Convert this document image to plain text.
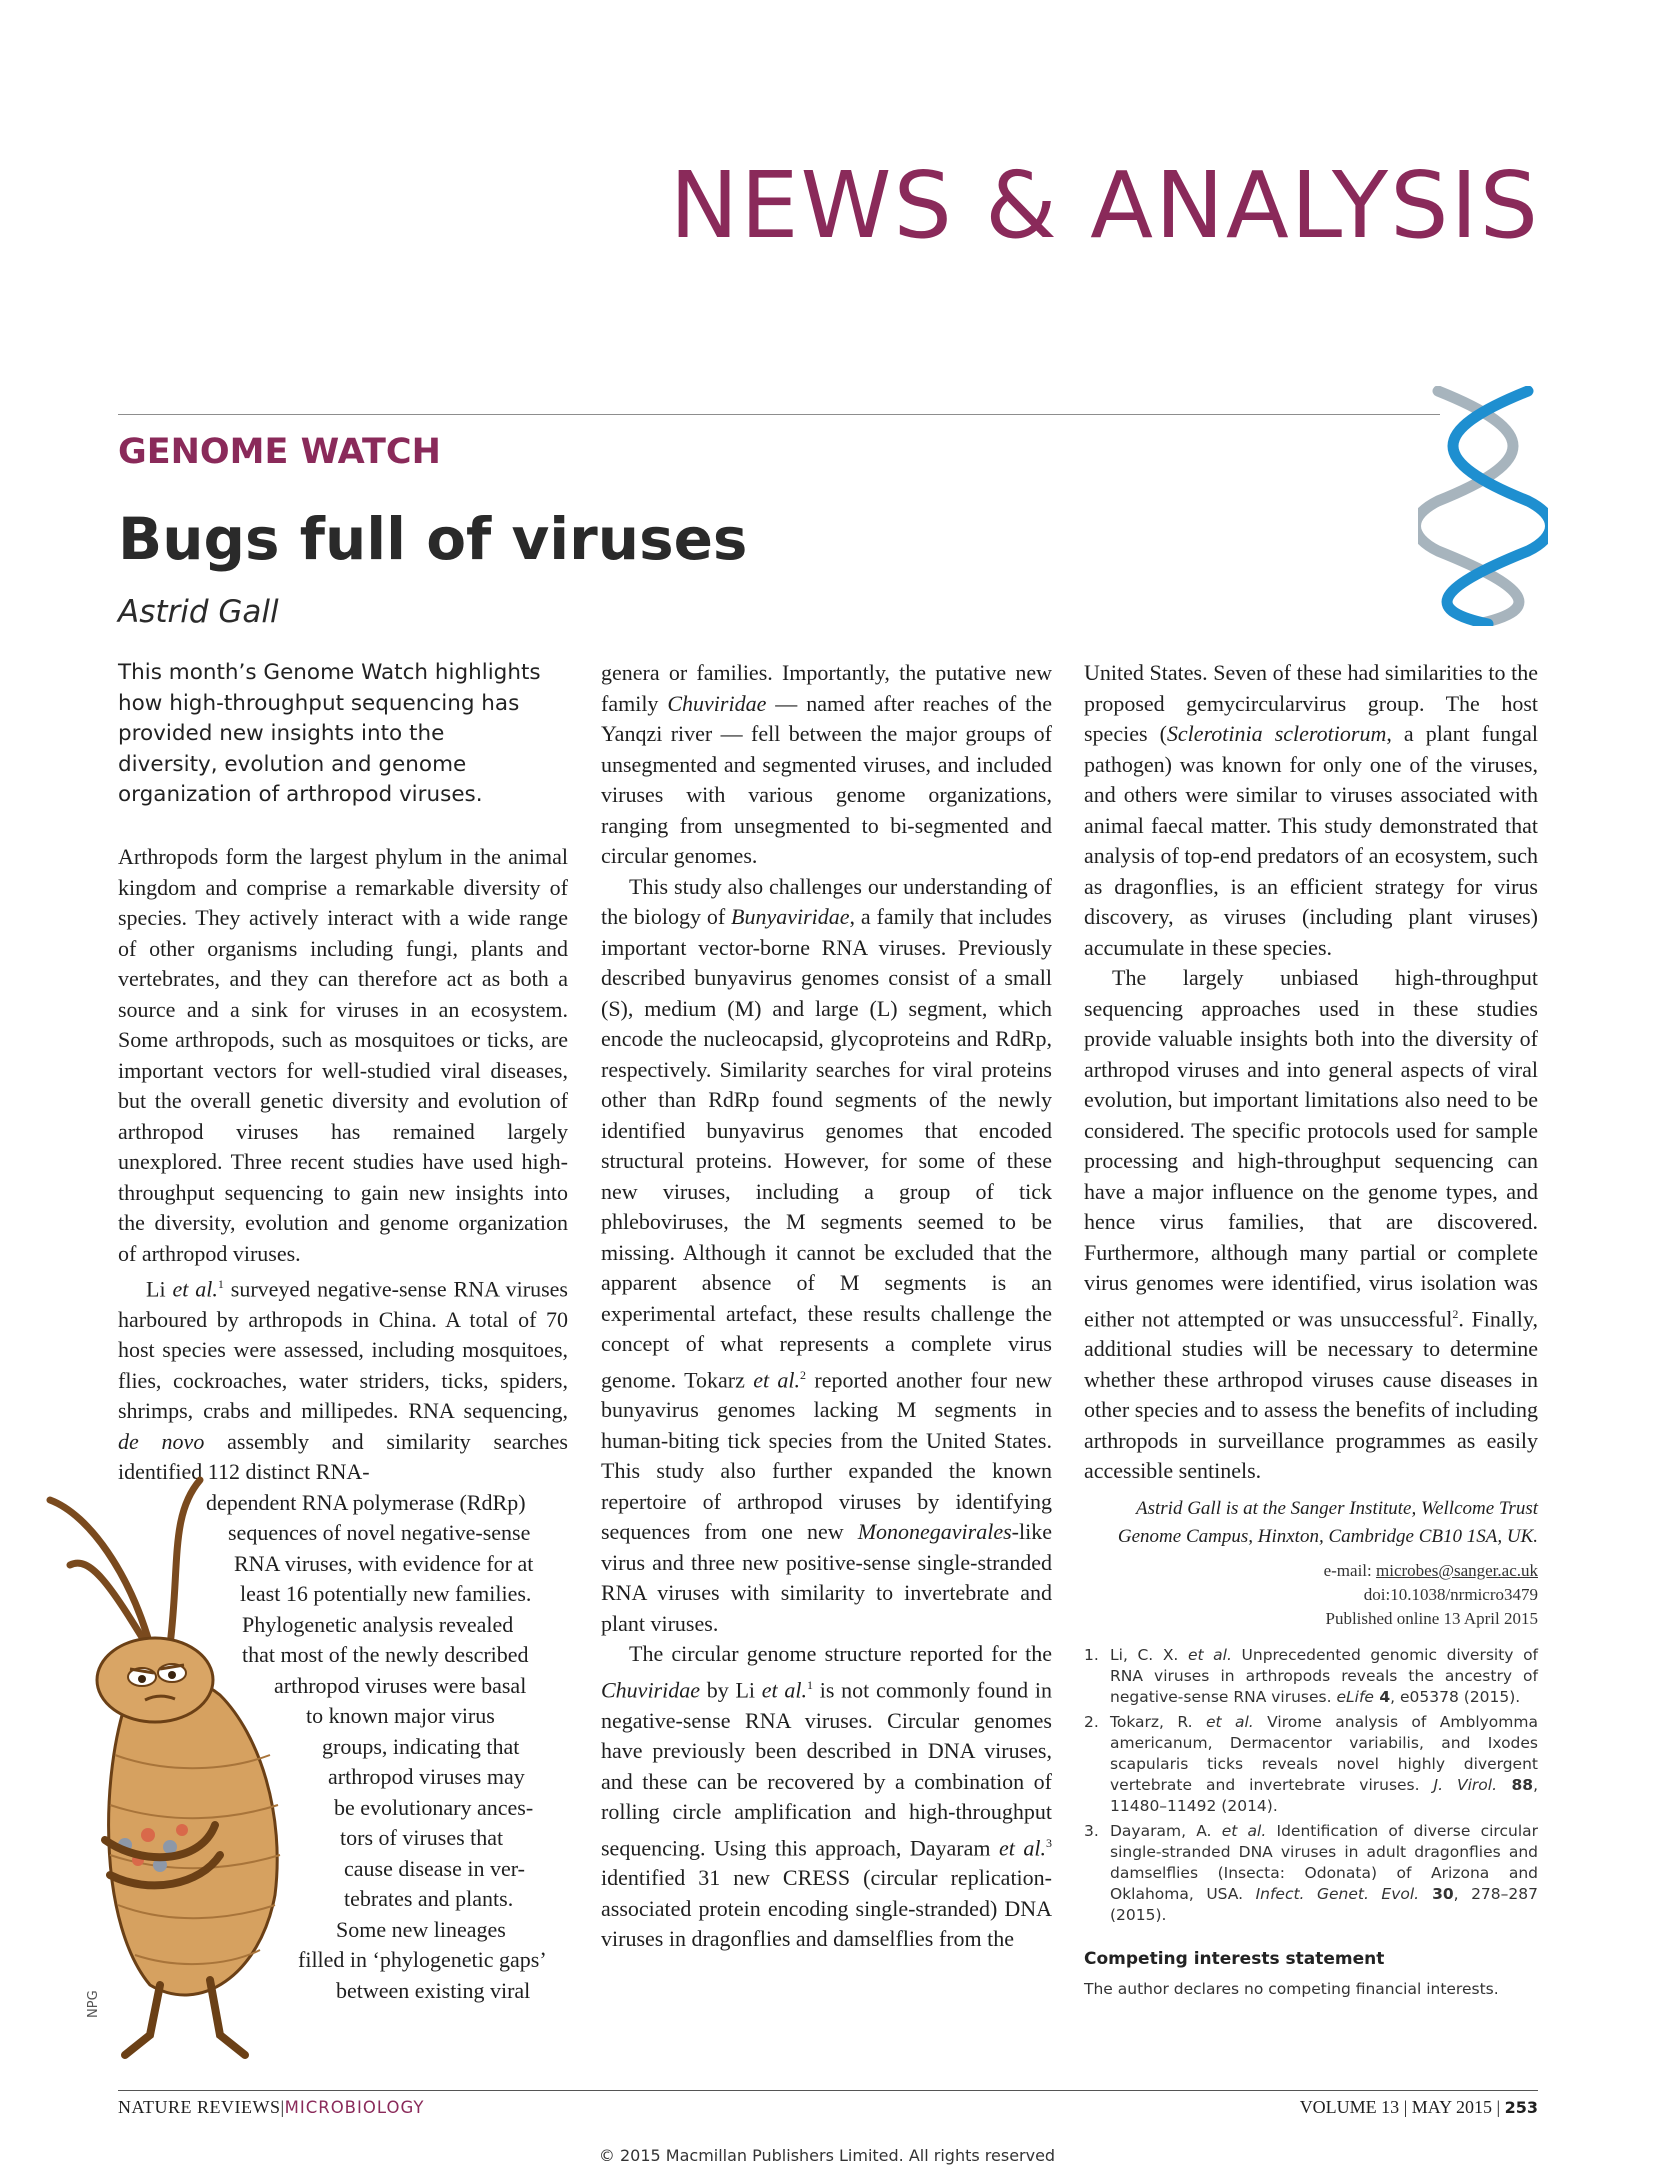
NEWS & ANALYSIS
GENOME WATCH
Bugs full of viruses
Astrid Gall
This month’s Genome Watch highlights how high-throughput sequencing has provided new insights into the diversity, evolution and genome organization of arthropod viruses.

Arthropods form the largest phylum in the animal kingdom and comprise a remarkable diversity of species. They actively interact with a wide range of other organisms including fungi, plants and vertebrates, and they can therefore act as both a source and a sink for viruses in an ecosystem. Some arthropods, such as mosquitoes or ticks, are important vectors for well-studied viral diseases, but the overall genetic diversity and evolution of arthropod viruses has remained largely unexplored. Three recent studies have used high-throughput sequencing to gain new insights into the diversity, evolution and genome organization of arthropod viruses.

Li et al.$^1$ surveyed negative-sense RNA viruses harboured by arthropods in China. A total of 70 host species were assessed, including mosquitoes, flies, cockroaches, water striders, ticks, spiders, shrimps, crabs and millipedes. RNA sequencing, de novo assembly and similarity searches identified 112 distinct RNA-

dependent RNA polymerase (RdRp)
sequences of novel negative-sense
RNA viruses, with evidence for at
least 16 potentially new families.
Phylogenetic analysis revealed
that most of the newly described
arthropod viruses were basal
to known major virus
groups, indicating that
arthropod viruses may
be evolutionary ances-
tors of viruses that
cause disease in ver-
tebrates and plants.
Some new lineages
filled in ‘phylogenetic gaps’
between existing viral

genera or families. Importantly, the putative new family Chuviridae — named after reaches of the Yanqzi river — fell between the major groups of unsegmented and segmented viruses, and included viruses with various genome organizations, ranging from unsegmented to bi-segmented and circular genomes.

This study also challenges our understanding of the biology of Bunyaviridae, a family that includes important vector-borne RNA viruses. Previously described bunyavirus genomes consist of a small (S), medium (M) and large (L) segment, which encode the nucleocapsid, glycoproteins and RdRp, respectively. Similarity searches for viral proteins other than RdRp found segments of the newly identified bunyavirus genomes that encoded structural proteins. However, for some of these new viruses, including a group of tick phleboviruses, the M segments seemed to be missing. Although it cannot be excluded that the apparent absence of M segments is an experimental artefact, these results challenge the concept of what represents a complete virus genome. Tokarz et al.$^2$ reported another four new bunyavirus genomes lacking M segments in human-biting tick species from the United States. This study also further expanded the known repertoire of arthropod viruses by identifying sequences from one new Mononegavirales-like virus and three new positive-sense single-stranded RNA viruses with similarity to invertebrate and plant viruses.

The circular genome structure reported for the Chuviridae by Li et al.$^1$ is not commonly found in negative-sense RNA viruses. Circular genomes have previously been described in DNA viruses, and these can be recovered by a combination of rolling circle amplification and high-throughput sequencing. Using this approach, Dayaram et al.$^3$ identified 31 new CRESS (circular replication-associated protein encoding single-stranded) DNA viruses in dragonflies and damselflies from the

United States. Seven of these had similarities to the proposed gemycircularvirus group. The host species (Sclerotinia sclerotiorum, a plant fungal pathogen) was known for only one of the viruses, and others were similar to viruses associated with animal faecal matter. This study demonstrated that analysis of top-end predators of an ecosystem, such as dragonflies, is an efficient strategy for virus discovery, as viruses (including plant viruses) accumulate in these species.

The largely unbiased high-throughput sequencing approaches used in these studies provide valuable insights both into the diversity of arthropod viruses and into general aspects of viral evolution, but important limitations also need to be considered. The specific protocols used for sample processing and high-throughput sequencing can have a major influence on the genome types, and hence virus families, that are discovered. Furthermore, although many partial or complete virus genomes were identified, virus isolation was either not attempted or was unsuccessful$^2$. Finally, additional studies will be necessary to determine whether these arthropod viruses cause diseases in other species and to assess the benefits of including arthropods in surveillance programmes as easily accessible sentinels.

Astrid Gall is at the Sanger Institute, Wellcome Trust Genome Campus, Hinxton, Cambridge CB10 1SA, UK.
e-mail: microbes@sanger.ac.uk
doi:10.1038/nrmicro3479
Published online 13 April 2015
1. Li, C. X. et al. Unprecedented genomic diversity of RNA viruses in arthropods reveals the ancestry of negative-sense RNA viruses. eLife 4, e05378 (2015).
2. Tokarz, R. et al. Virome analysis of Amblyomma americanum, Dermacentor variabilis, and Ixodes scapularis ticks reveals novel highly divergent vertebrate and invertebrate viruses. J. Virol. 88, 11480–11492 (2014).
3. Dayaram, A. et al. Identification of diverse circular single-stranded DNA viruses in adult dragonflies and damselflies (Insecta: Odonata) of Arizona and Oklahoma, USA. Infect. Genet. Evol. 30, 278–287 (2015).
Competing interests statement
The author declares no competing financial interests.
NPG
NATURE REVIEWS|MICROBIOLOGY	VOLUME 13 | MAY 2015 | 253
© 2015 Macmillan Publishers Limited. All rights reserved
